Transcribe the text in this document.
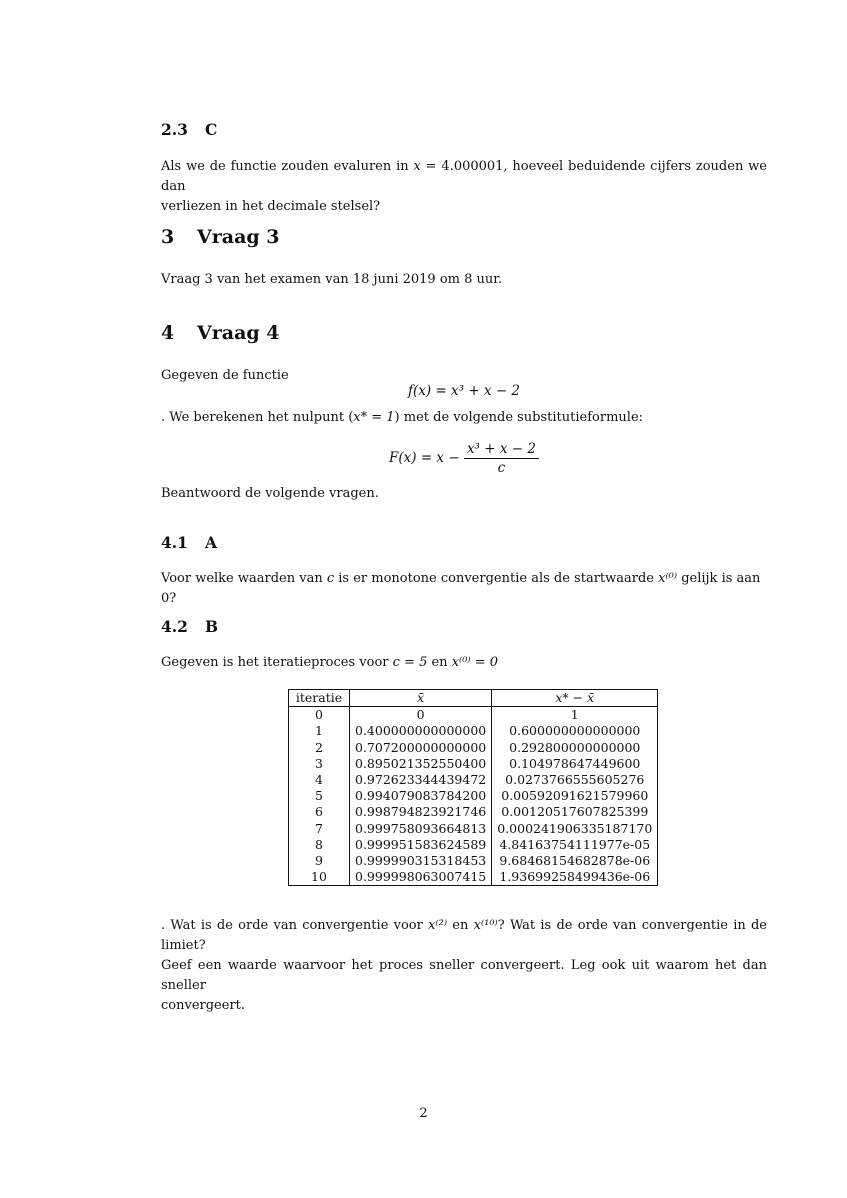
2.3 C
Als we de functie zouden evaluren in x = 4.000001, hoeveel beduidende cijfers zouden we dan
verliezen in het decimale stelsel?
3 Vraag 3
Vraag 3 van het examen van 18 juni 2019 om 8 uur.
4 Vraag 4
Gegeven de functie
f(x) = x³ + x − 2
. We berekenen het nulpunt (x* = 1) met de volgende substitutieformule:
$F(x) = x - \frac{\text{x³ + x − 2}}{c}$
Beantwoord de volgende vragen.
4.1 A
Voor welke waarden van c is er monotone convergentie als de startwaarde x⁽⁰⁾ gelijk is aan 0?
4.2 B
Gegeven is het iteratieproces voor c = 5 en x⁽⁰⁾ = 0
iteratie	x̄	x* − x̄
0	0	1
1	0.400000000000000	0.600000000000000
2	0.707200000000000	0.292800000000000
3	0.895021352550400	0.104978647449600
4	0.972623344439472	0.0273766555605276
5	0.994079083784200	0.00592091621579960
6	0.998794823921746	0.00120517607825399
7	0.999758093664813	0.000241906335187170
8	0.999951583624589	4.84163754111977e-05
9	0.999990315318453	9.68468154682878e-06
10	0.999998063007415	1.93699258499436e-06
. Wat is de orde van convergentie voor x⁽²⁾ en x⁽¹⁰⁾? Wat is de orde van convergentie in de limiet?
Geef een waarde waarvoor het proces sneller convergeert. Leg ook uit waarom het dan sneller
convergeert.
2
